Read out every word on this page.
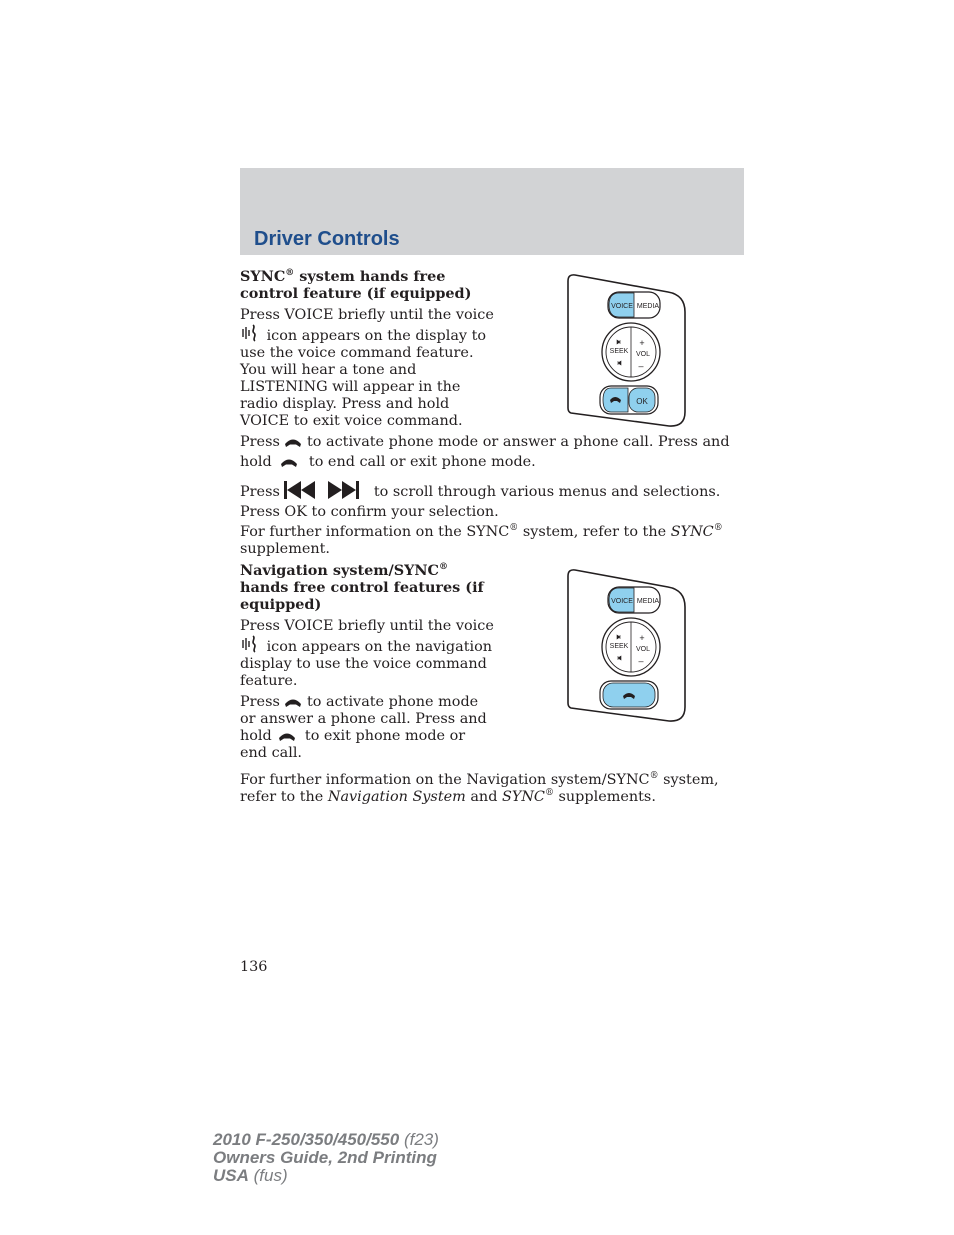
Driver Controls
SYNC® system hands free control feature (if equipped)
Press VOICE briefly until the voice  icon appears on the display to use the voice command feature. You will hear a tone and LISTENING will appear in the radio display. Press and hold VOICE to exit voice command.
VOICE MEDIA
SEEK VOL
+
–
OK
Press to activate phone mode or answer a phone call. Press and hold	to end call or exit phone mode.
Press	to scroll through various menus and selections. Press OK to confirm your selection.
For further information on the SYNC® system, refer to the SYNC® supplement.
Navigation system/SYNC® hands free control features (if equipped)
Press VOICE briefly until the voice  icon appears on the navigation display to use the voice command feature.
VOICE MEDIA
SEEK VOL
+
–
Press to activate phone mode or answer a phone call. Press and hold to exit phone mode or end call.
For further information on the Navigation system/SYNC® system, refer to the Navigation System and SYNC® supplements.
136
2010 F-250/350/450/550 (f23)
Owners Guide, 2nd Printing
USA (fus)
